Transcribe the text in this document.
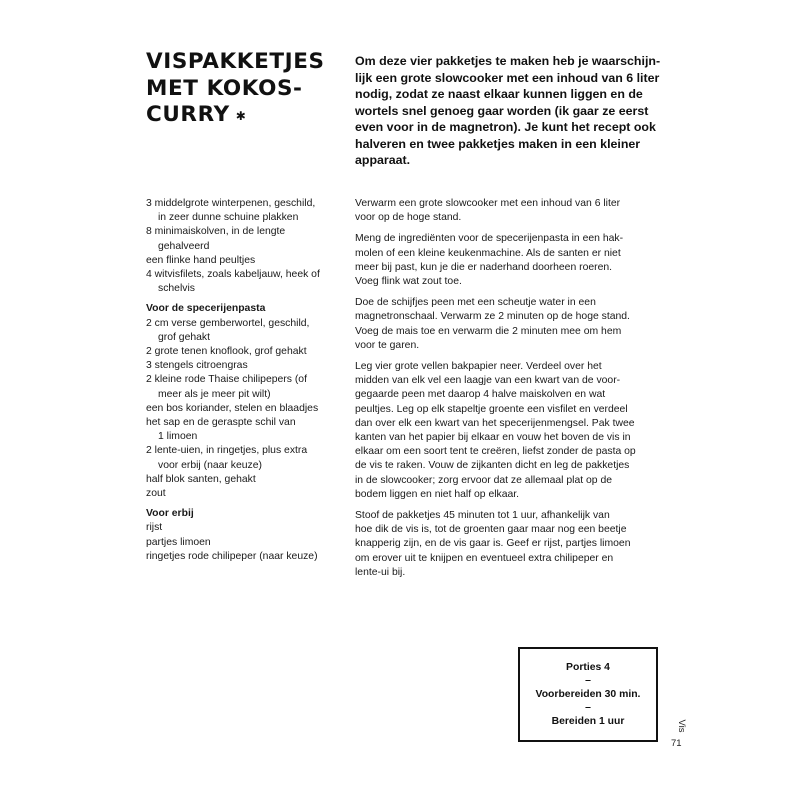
VISPAKKETJES
MET KOKOS-
CURRY ✱

Om deze vier pakketjes te maken heb je waarschijn-
lijk een grote slowcooker met een inhoud van 6 liter
nodig, zodat ze naast elkaar kunnen liggen en de
wortels snel genoeg gaar worden (ik gaar ze eerst
even voor in de magnetron). Je kunt het recept ook
halveren en twee pakketjes maken in een kleiner
apparaat.

3 middelgrote winterpenen, geschild,
in zeer dunne schuine plakken
8 minimaiskolven, in de lengte
gehalveerd
een flinke hand peultjes
4 witvisfilets, zoals kabeljauw, heek of
schelvis
Voor de specerijenpasta
2 cm verse gemberwortel, geschild,
grof gehakt
2 grote tenen knoflook, grof gehakt
3 stengels citroengras
2 kleine rode Thaise chilipepers (of
meer als je meer pit wilt)
een bos koriander, stelen en blaadjes
het sap en de geraspte schil van
1 limoen
2 lente-uien, in ringetjes, plus extra
voor erbij (naar keuze)
half blok santen, gehakt
zout
Voor erbij
rijst
partjes limoen
ringetjes rode chilipeper (naar keuze)

Verwarm een grote slowcooker met een inhoud van 6 liter
voor op de hoge stand.

Meng de ingrediënten voor de specerijenpasta in een hak-
molen of een kleine keukenmachine. Als de santen er niet
meer bij past, kun je die er naderhand doorheen roeren.
Voeg flink wat zout toe.

Doe de schijfjes peen met een scheutje water in een
magnetronschaal. Verwarm ze 2 minuten op de hoge stand.
Voeg de mais toe en verwarm die 2 minuten mee om hem
voor te garen.

Leg vier grote vellen bakpapier neer. Verdeel over het
midden van elk vel een laagje van een kwart van de voor-
gegaarde peen met daarop 4 halve maiskolven en wat
peultjes. Leg op elk stapeltje groente een visfilet en verdeel
dan over elk een kwart van het specerijenmengsel. Pak twee
kanten van het papier bij elkaar en vouw het boven de vis in
elkaar om een soort tent te creëren, liefst zonder de pasta op
de vis te raken. Vouw de zijkanten dicht en leg de pakketjes
in de slowcooker; zorg ervoor dat ze allemaal plat op de
bodem liggen en niet half op elkaar.

Stoof de pakketjes 45 minuten tot 1 uur, afhankelijk van
hoe dik de vis is, tot de groenten gaar maar nog een beetje
knapperig zijn, en de vis gaar is. Geef er rijst, partjes limoen
om erover uit te knijpen en eventueel extra chilipeper en
lente-ui bij.

Porties 4
–
Voorbereiden 30 min.
–
Bereiden 1 uur	Vis
71
